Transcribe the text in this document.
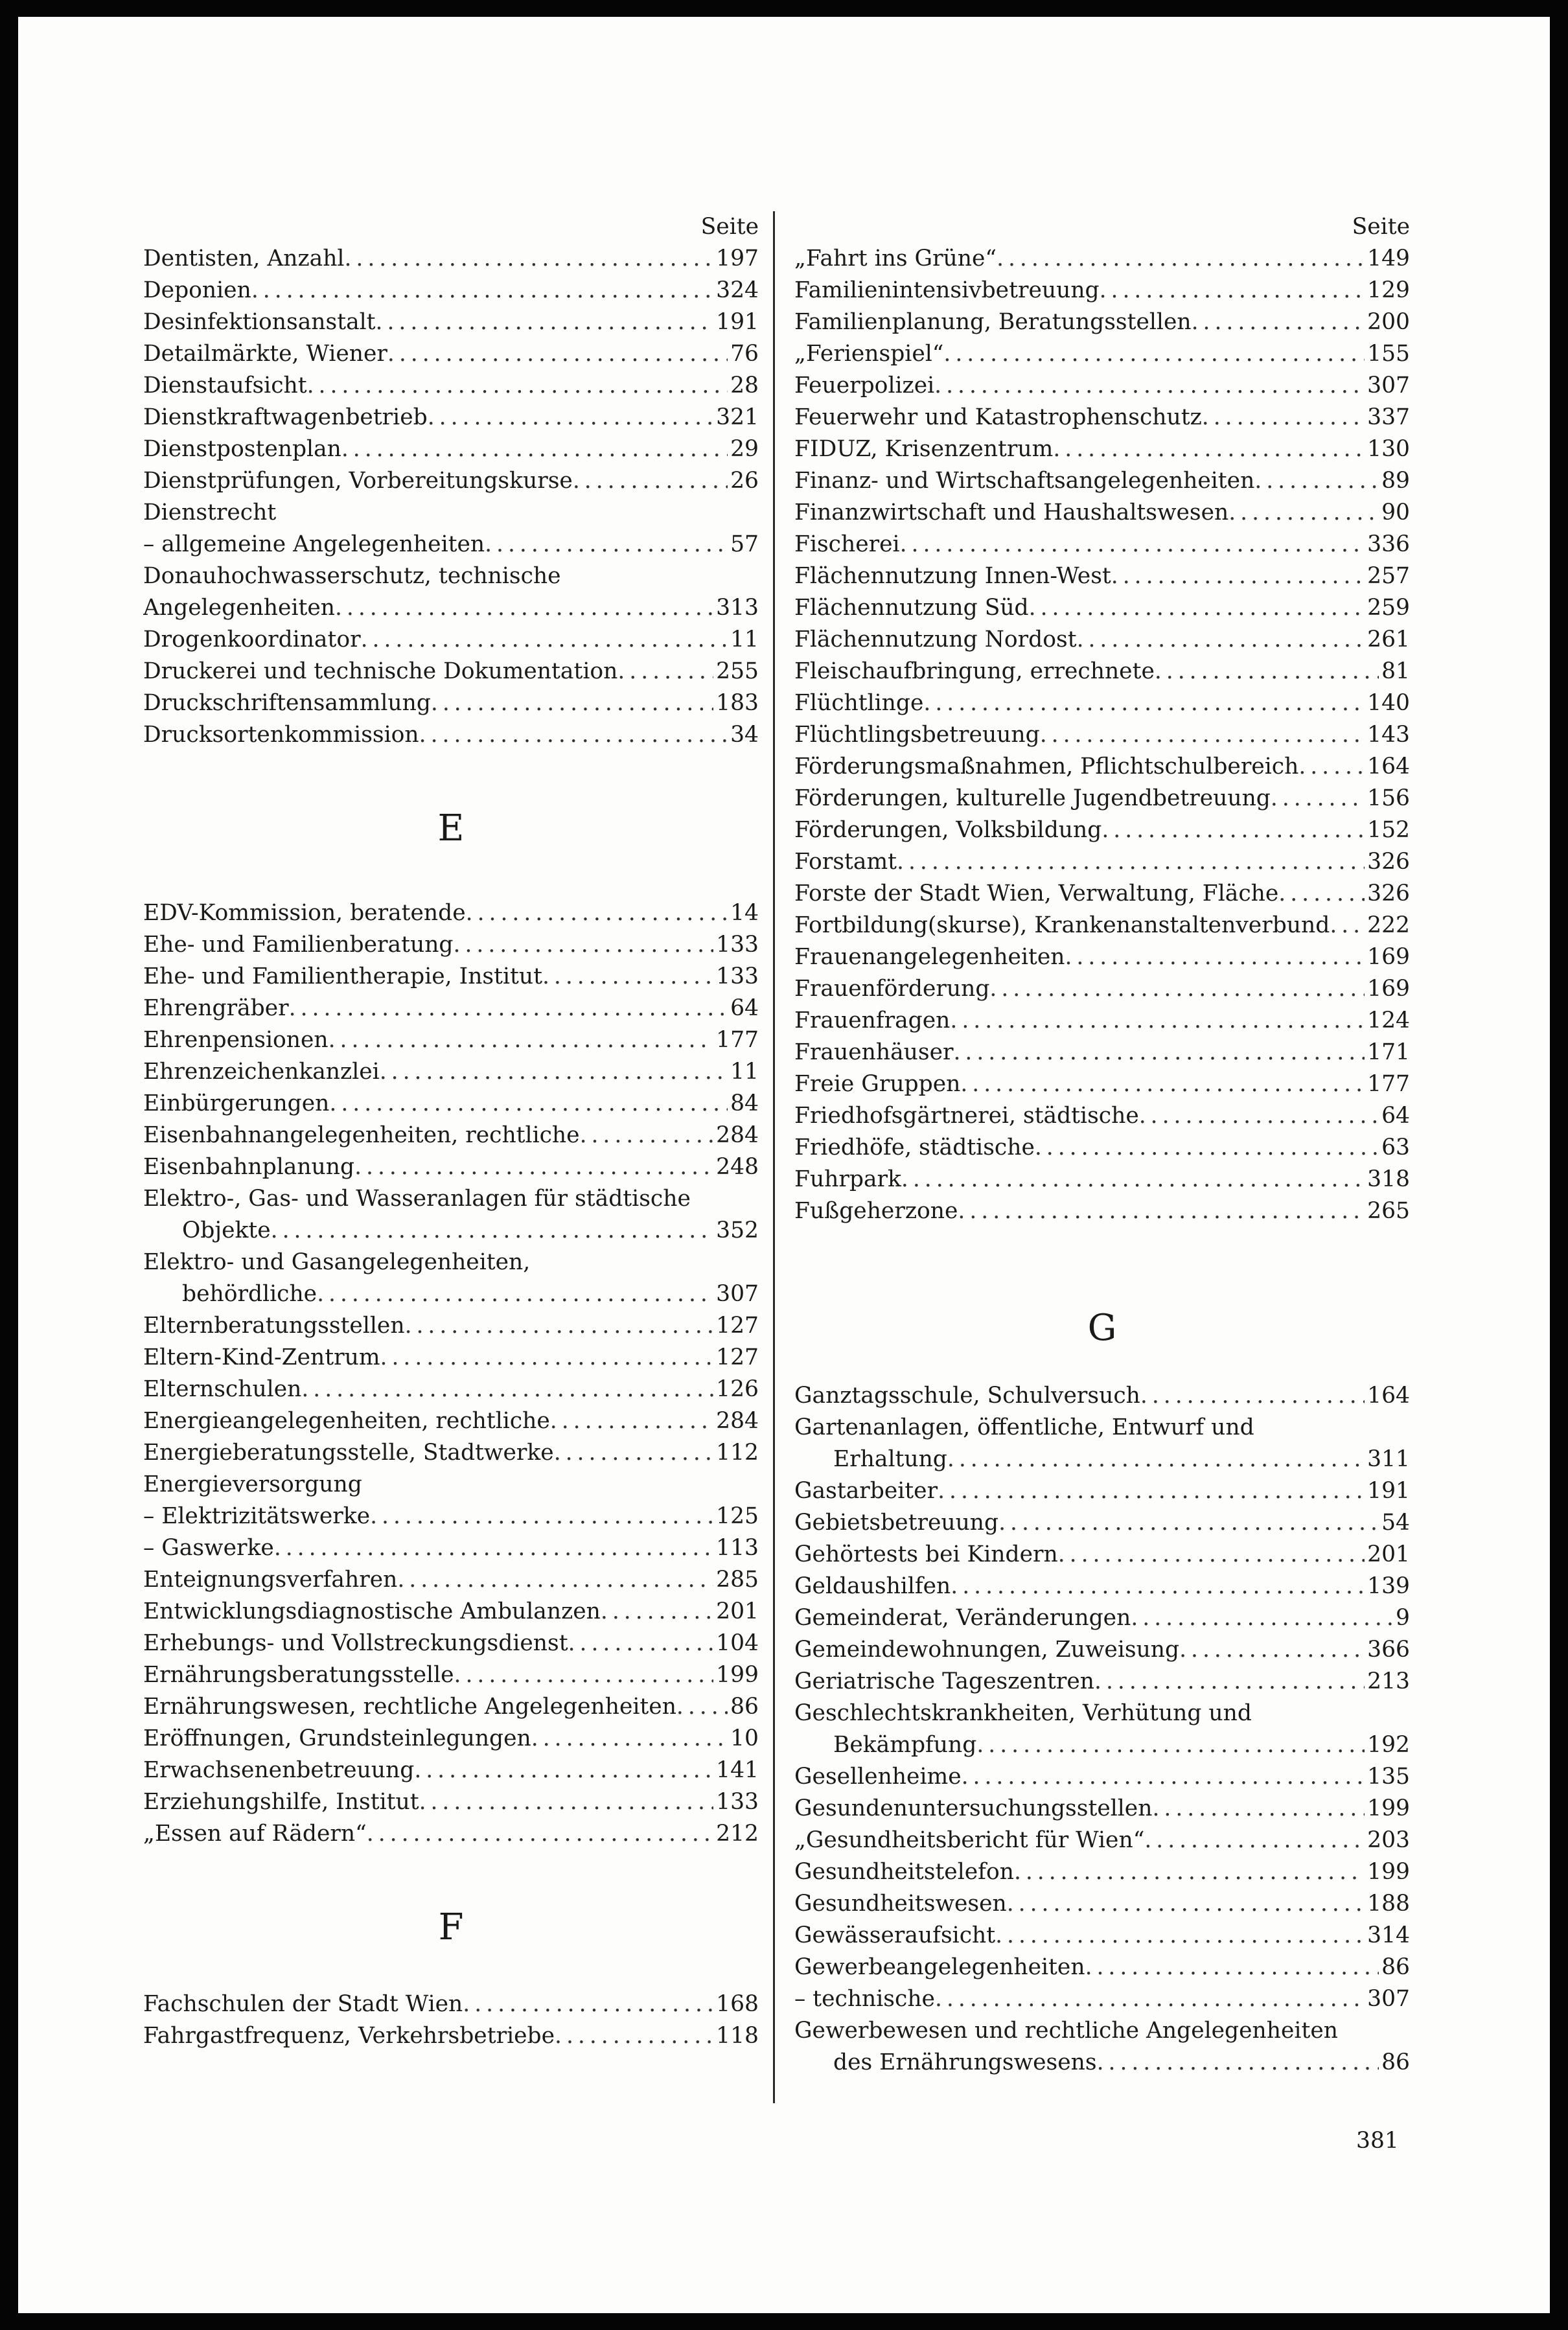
Seite
Dentisten, Anzahl . . .	197
Deponien . . .	324
Desinfektionsanstalt . . .	191
Detailmärkte, Wiener . . .	76
Dienstaufsicht . . .	28
Dienstkraftwagenbetrieb . . .	321
Dienstpostenplan . . .	29
Dienstprüfungen, Vorbereitungskurse . . .	26
Dienstrecht
– allgemeine Angelegenheiten . . .	57
Donauhochwasserschutz, technische
Angelegenheiten . . .	313
Drogenkoordinator . . .	11
Druckerei und technische Dokumentation . . .	255
Druckschriftensammlung . . .	183
Drucksortenkommission . . .	34
E
EDV-Kommission, beratende . . .	14
Ehe- und Familienberatung . . .	133
Ehe- und Familientherapie, Institut . . .	133
Ehrengräber . . .	64
Ehrenpensionen . . .	177
Ehrenzeichenkanzlei . . .	11
Einbürgerungen . . .	84
Eisenbahnangelegenheiten, rechtliche . . .	284
Eisenbahnplanung . . .	248
Elektro-, Gas- und Wasseranlagen für städtische
Objekte . . .	352
Elektro- und Gasangelegenheiten,
behördliche . . .	307
Elternberatungsstellen . . .	127
Eltern-Kind-Zentrum . . .	127
Elternschulen . . .	126
Energieangelegenheiten, rechtliche . . .	284
Energieberatungsstelle, Stadtwerke . . .	112
Energieversorgung
– Elektrizitätswerke . . .	125
– Gaswerke . . .	113
Enteignungsverfahren . . .	285
Entwicklungsdiagnostische Ambulanzen . . .	201
Erhebungs- und Vollstreckungsdienst . . .	104
Ernährungsberatungsstelle . . .	199
Ernährungswesen, rechtliche Angelegenheiten . . . 86
Eröffnungen, Grundsteinlegungen . . .	10
Erwachsenenbetreuung . . .	141
Erziehungshilfe, Institut . . .	133
„Essen auf Rädern“ . . .	212
F
Fachschulen der Stadt Wien . . .	168
Fahrgastfrequenz, Verkehrsbetriebe . . .	118
Seite
„Fahrt ins Grüne“ . . .	149
Familienintensivbetreuung . . .	129
Familienplanung, Beratungsstellen . . .	200
„Ferienspiel“ . . .	155
Feuerpolizei . . .	307
Feuerwehr und Katastrophenschutz . . .	337
FIDUZ, Krisenzentrum . . .	130
Finanz- und Wirtschaftsangelegenheiten . . .	89
Finanzwirtschaft und Haushaltswesen . . .	90
Fischerei . . .	336
Flächennutzung Innen-West . . .	257
Flächennutzung Süd . . .	259
Flächennutzung Nordost . . .	261
Fleischaufbringung, errechnete . . .	81
Flüchtlinge . . .	140
Flüchtlingsbetreuung . . .	143
Förderungsmaßnahmen, Pflichtschulbereich . . .	164
Förderungen, kulturelle Jugendbetreuung . . .	156
Förderungen, Volksbildung . . .	152
Forstamt . . .	326
Forste der Stadt Wien, Verwaltung, Fläche . . .	326
Fortbildung(skurse), Krankenanstaltenverbund . . . 222
Frauenangelegenheiten . . .	169
Frauenförderung . . .	169
Frauenfragen . . .	124
Frauenhäuser . . .	171
Freie Gruppen . . .	177
Friedhofsgärtnerei, städtische . . .	64
Friedhöfe, städtische . . .	63
Fuhrpark . . .	318
Fußgeherzone . . .	265
G
Ganztagsschule, Schulversuch . . .	164
Gartenanlagen, öffentliche, Entwurf und
Erhaltung . . .	311
Gastarbeiter . . .	191
Gebietsbetreuung . . .	54
Gehörtests bei Kindern . . .	201
Geldaushilfen . . .	139
Gemeinderat, Veränderungen . . .	9
Gemeindewohnungen, Zuweisung . . .	366
Geriatrische Tageszentren . . .	213
Geschlechtskrankheiten, Verhütung und
Bekämpfung . . .	192
Gesellenheime . . .	135
Gesundenuntersuchungsstellen . . .	199
„Gesundheitsbericht für Wien“ . . .	203
Gesundheitstelefon . . .	199
Gesundheitswesen . . .	188
Gewässeraufsicht . . .	314
Gewerbeangelegenheiten . . .	86
– technische . . .	307
Gewerbewesen und rechtliche Angelegenheiten
des Ernährungswesens . . .	86
381
